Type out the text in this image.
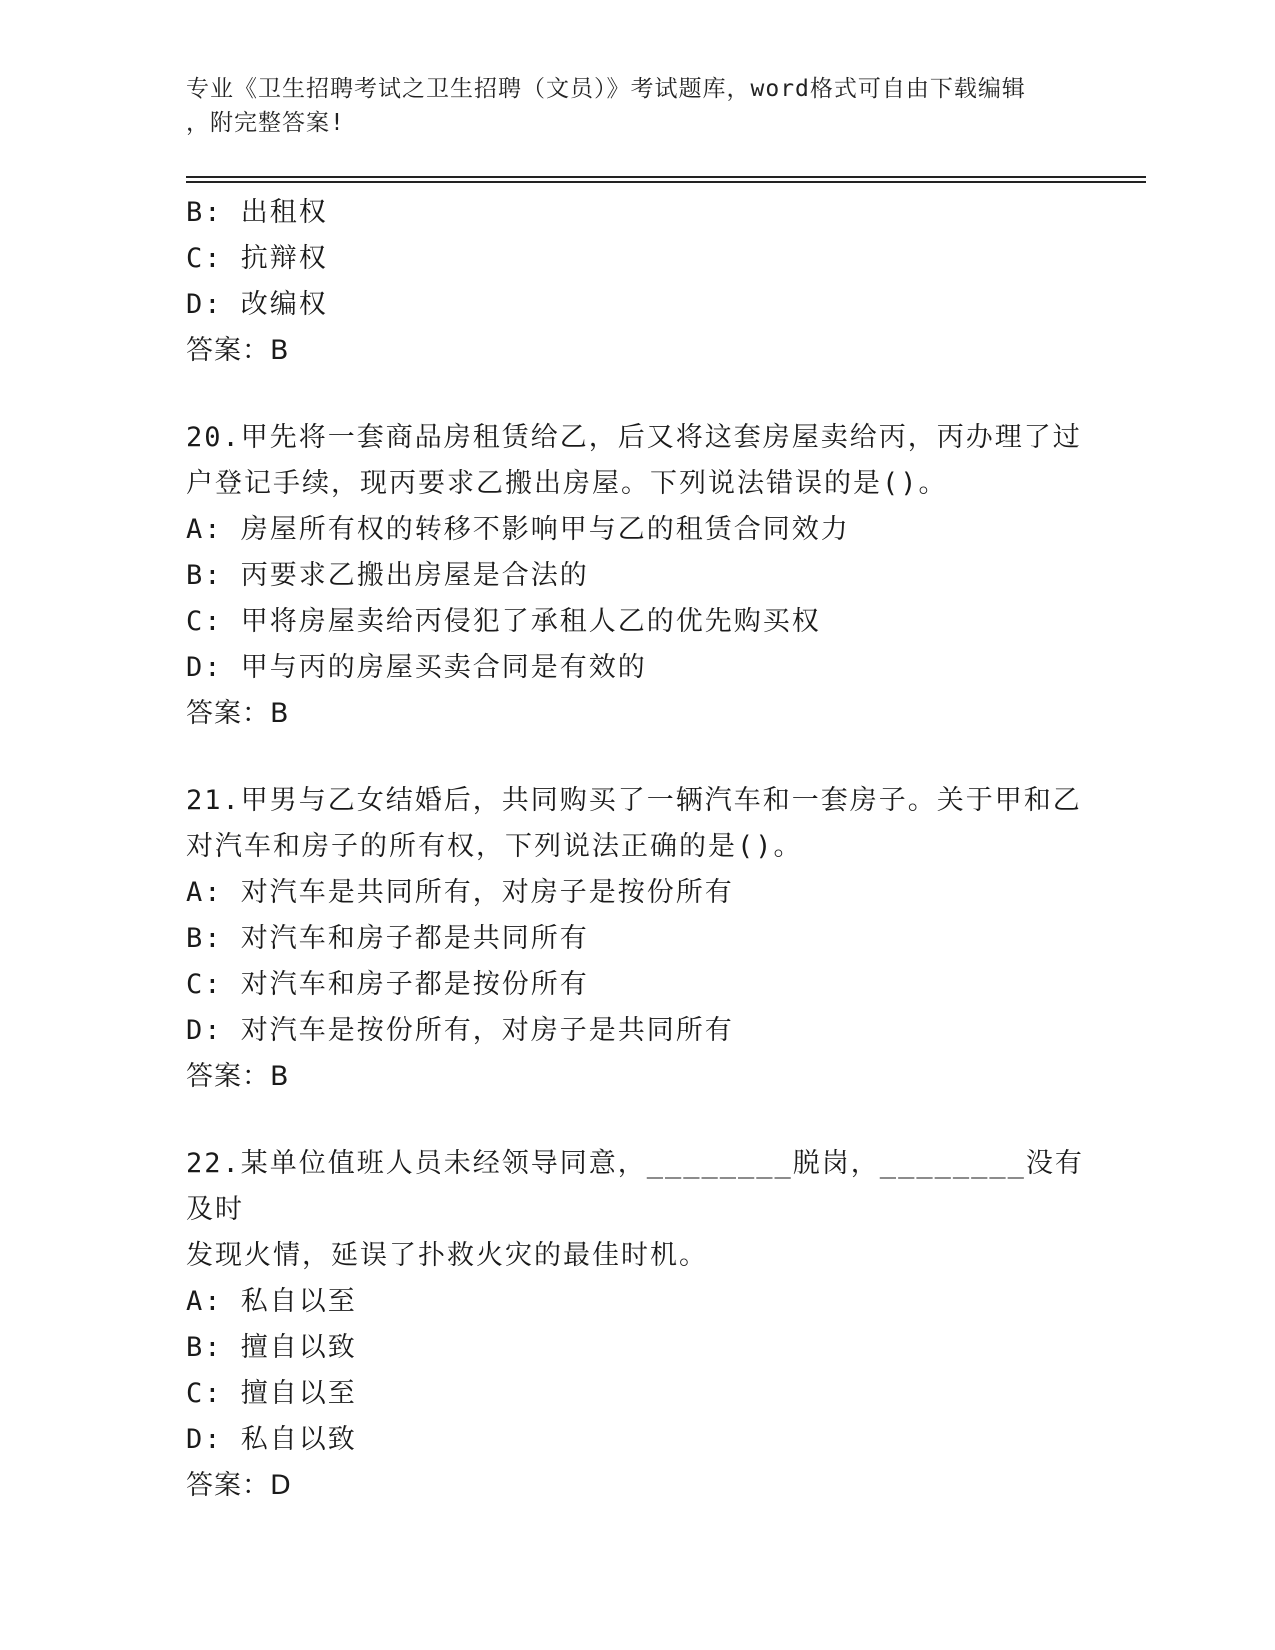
专业《卫生招聘考试之卫生招聘（文员）》考试题库，word格式可自由下载编辑
，附完整答案!
B: 出租权
C: 抗辩权
D: 改编权
答案：B
20.甲先将一套商品房租赁给乙，后又将这套房屋卖给丙，丙办理了过
户登记手续，现丙要求乙搬出房屋。下列说法错误的是()。
A: 房屋所有权的转移不影响甲与乙的租赁合同效力
B: 丙要求乙搬出房屋是合法的
C: 甲将房屋卖给丙侵犯了承租人乙的优先购买权
D: 甲与丙的房屋买卖合同是有效的
答案：B
21.甲男与乙女结婚后，共同购买了一辆汽车和一套房子。关于甲和乙
对汽车和房子的所有权，下列说法正确的是()。
A: 对汽车是共同所有，对房子是按份所有
B: 对汽车和房子都是共同所有
C: 对汽车和房子都是按份所有
D: 对汽车是按份所有，对房子是共同所有
答案：B
22.某单位值班人员未经领导同意，________脱岗，________没有及时
发现火情，延误了扑救火灾的最佳时机。
A: 私自以至
B: 擅自以致
C: 擅自以至
D: 私自以致
答案：D
